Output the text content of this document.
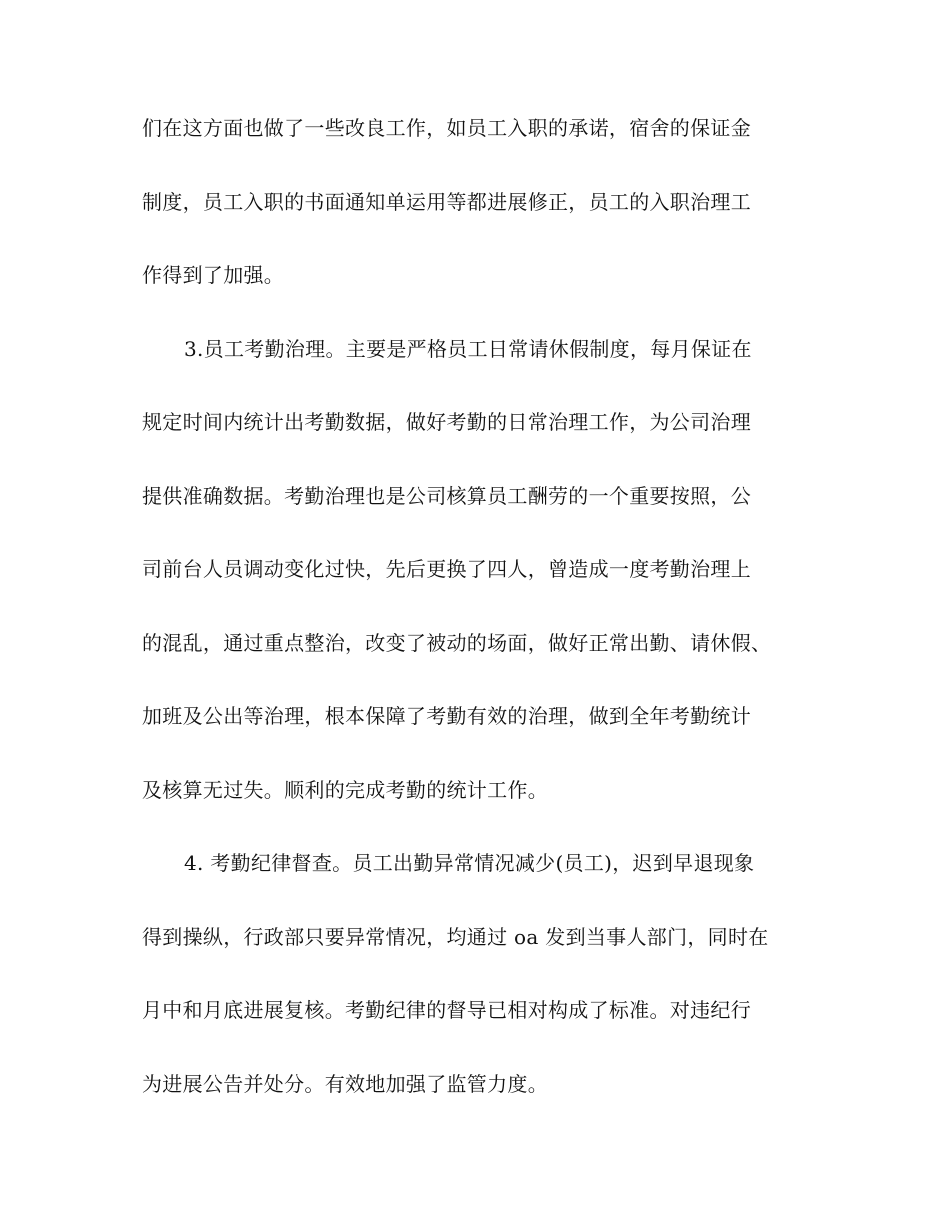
们在这方面也做了一些改良工作，如员工入职的承诺，宿舍的保证金
制度，员工入职的书面通知单运用等都进展修正，员工的入职治理工
作得到了加强。
3.员工考勤治理。主要是严格员工日常请休假制度，每月保证在
规定时间内统计出考勤数据，做好考勤的日常治理工作，为公司治理
提供准确数据。考勤治理也是公司核算员工酬劳的一个重要按照，公
司前台人员调动变化过快，先后更换了四人，曾造成一度考勤治理上
的混乱，通过重点整治，改变了被动的场面，做好正常出勤、请休假、
加班及公出等治理，根本保障了考勤有效的治理，做到全年考勤统计
及核算无过失。顺利的完成考勤的统计工作。
4. 考勤纪律督查。员工出勤异常情况减少(员工)，迟到早退现象
得到操纵，行政部只要异常情况，均通过 oa 发到当事人部门，同时在
月中和月底进展复核。考勤纪律的督导已相对构成了标准。对违纪行
为进展公告并处分。有效地加强了监管力度。
